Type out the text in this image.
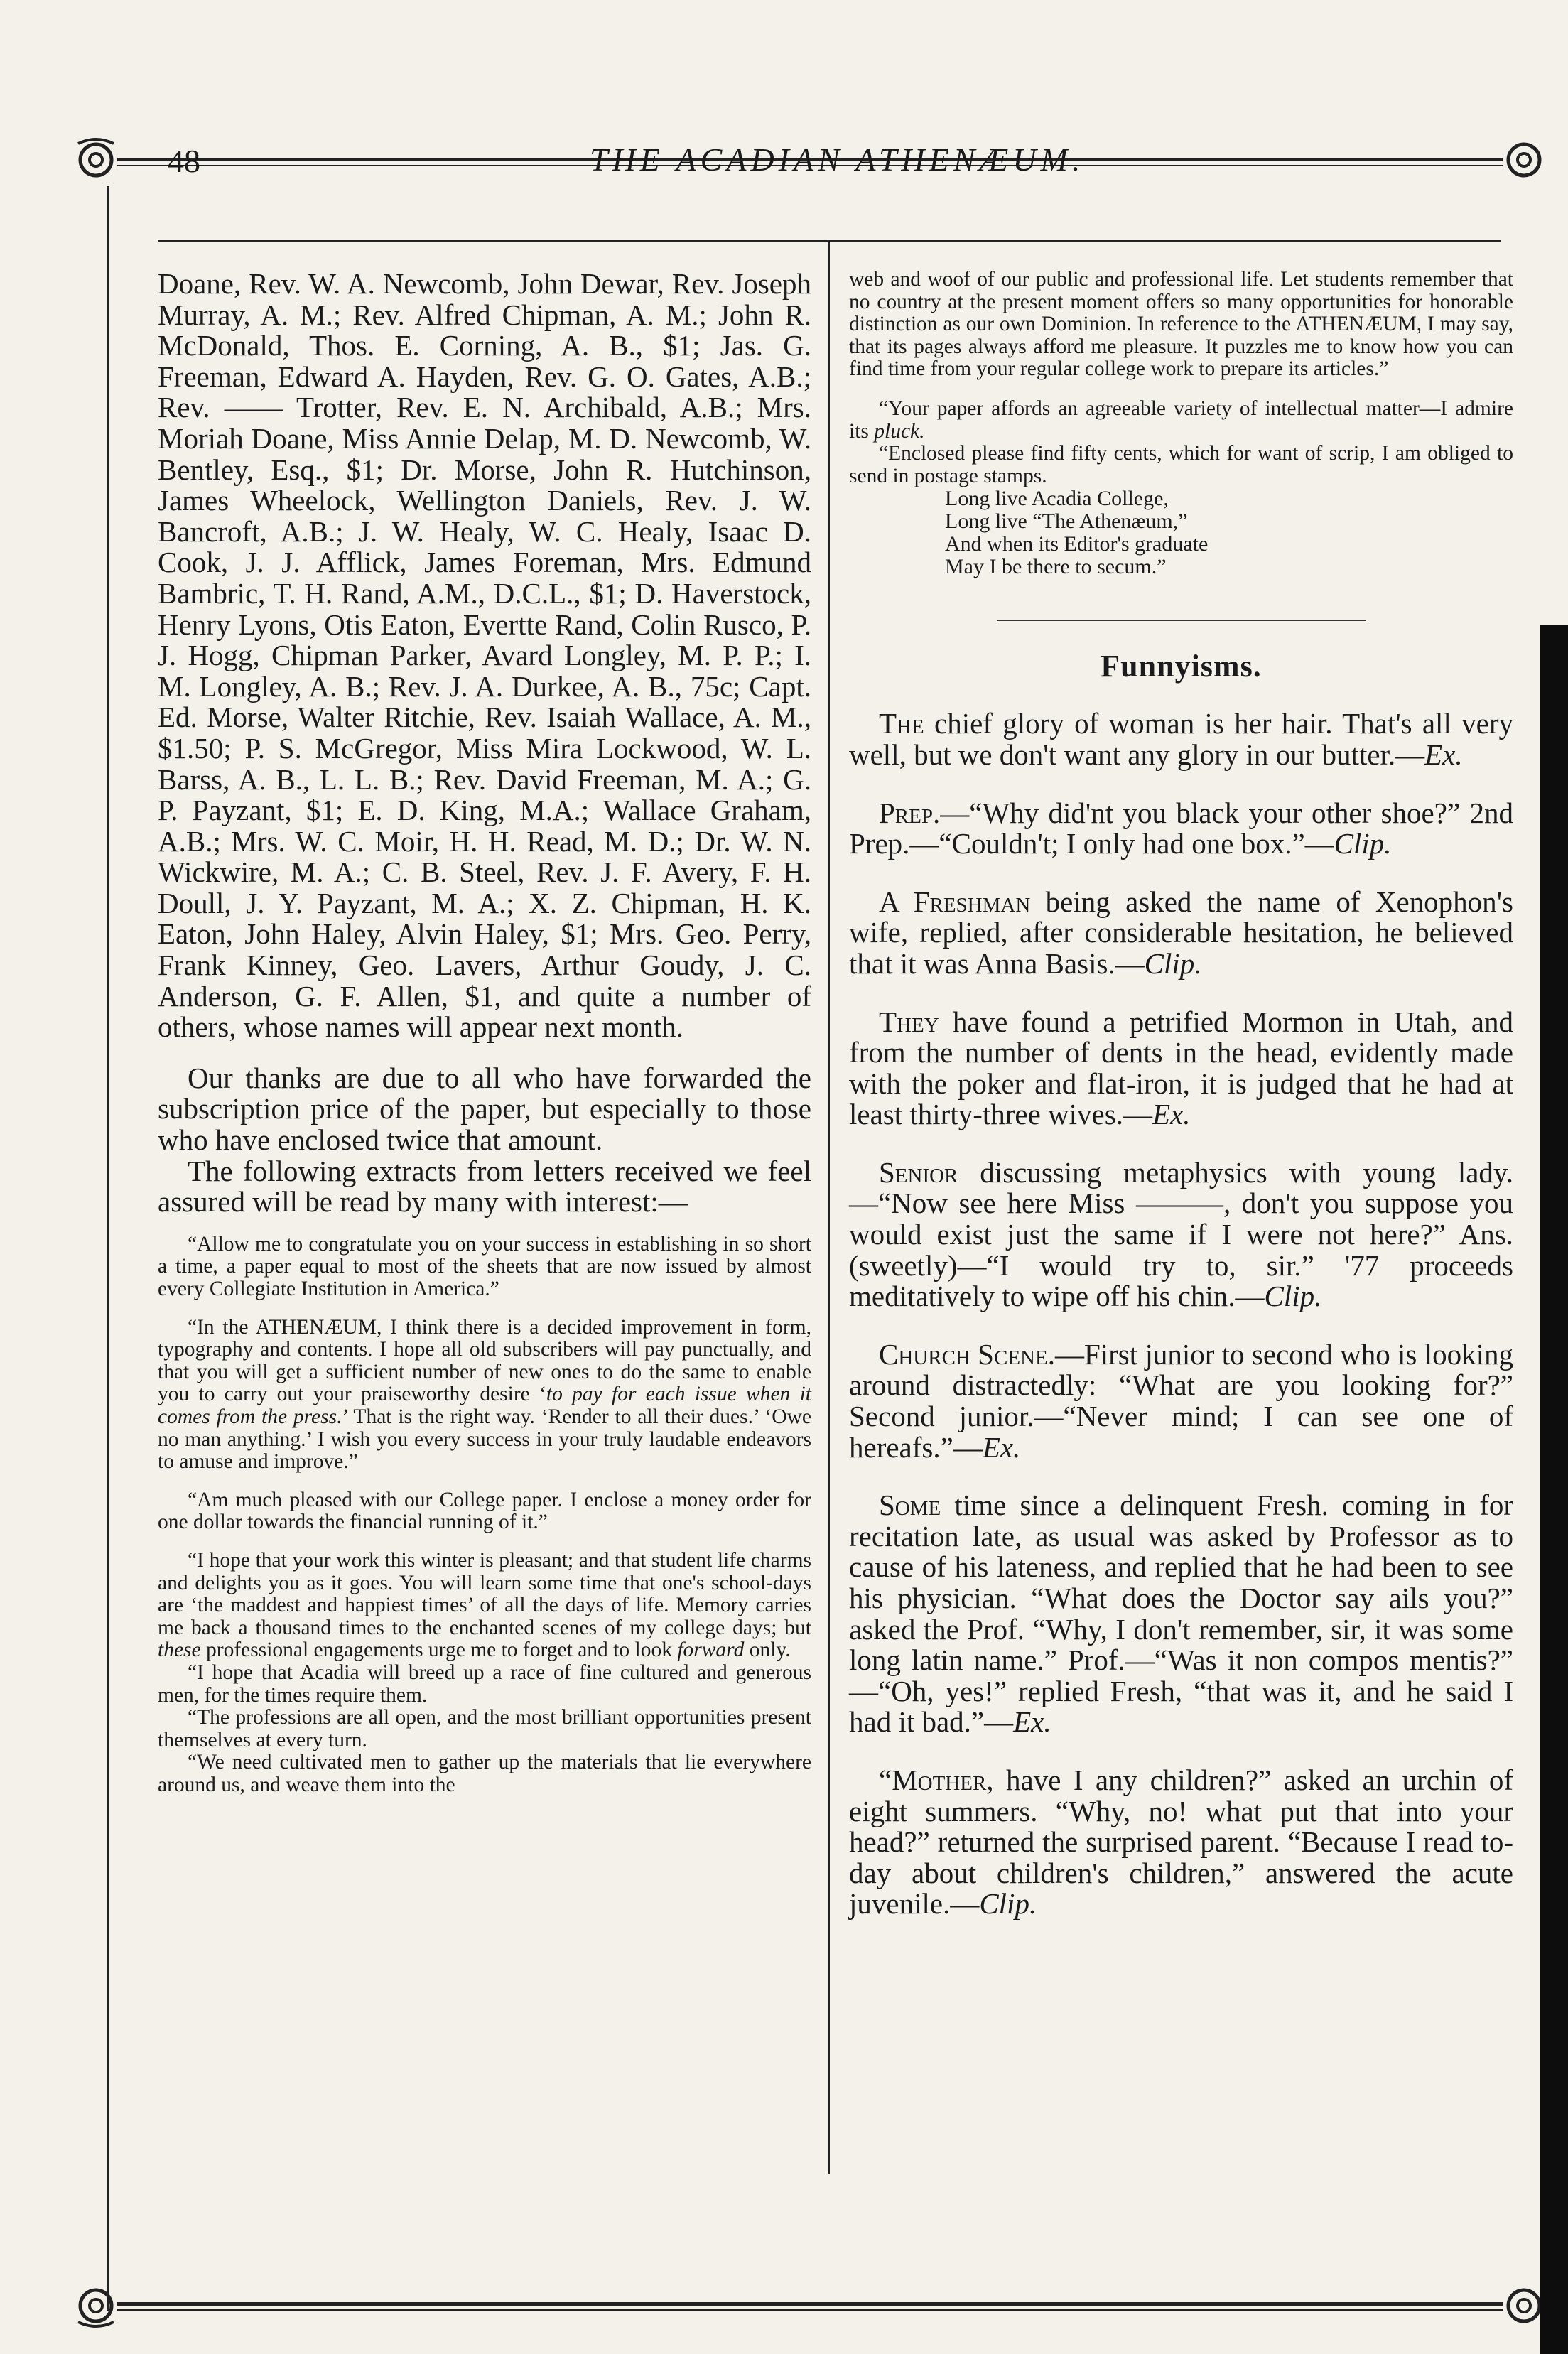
48	THE ACADIAN ATHENÆUM.

Doane, Rev. W. A. Newcomb, John Dewar, Rev. Joseph Murray, A. M.; Rev. Alfred Chipman, A. M.; John R. McDonald, Thos. E. Corning, A. B., $1; Jas. G. Freeman, Edward A. Hayden, Rev. G. O. Gates, A.B.; Rev. —— Trotter, Rev. E. N. Archibald, A.B.; Mrs. Moriah Doane, Miss Annie Delap, M. D. Newcomb, W. Bentley, Esq., $1; Dr. Morse, John R. Hutchinson, James Wheelock, Wellington Daniels, Rev. J. W. Bancroft, A.B.; J. W. Healy, W. C. Healy, Isaac D. Cook, J. J. Afflick, James Foreman, Mrs. Edmund Bambric, T. H. Rand, A.M., D.C.L., $1; D. Haverstock, Henry Lyons, Otis Eaton, Evertte Rand, Colin Rusco, P. J. Hogg, Chipman Parker, Avard Longley, M. P. P.; I. M. Longley, A. B.; Rev. J. A. Durkee, A. B., 75c; Capt. Ed. Morse, Walter Ritchie, Rev. Isaiah Wallace, A. M., $1.50; P. S. McGregor, Miss Mira Lockwood, W. L. Barss, A. B., L. L. B.; Rev. David Freeman, M. A.; G. P. Payzant, $1; E. D. King, M.A.; Wallace Graham, A.B.; Mrs. W. C. Moir, H. H. Read, M. D.; Dr. W. N. Wickwire, M. A.; C. B. Steel, Rev. J. F. Avery, F. H. Doull, J. Y. Payzant, M. A.; X. Z. Chipman, H. K. Eaton, John Haley, Alvin Haley, $1; Mrs. Geo. Perry, Frank Kinney, Geo. Lavers, Arthur Goudy, J. C. Anderson, G. F. Allen, $1, and quite a number of others, whose names will appear next month.

Our thanks are due to all who have forwarded the subscription price of the paper, but especially to those who have enclosed twice that amount.

The following extracts from letters received we feel assured will be read by many with interest:—

“Allow me to congratulate you on your success in establishing in so short a time, a paper equal to most of the sheets that are now issued by almost every Collegiate Institution in America.”

“In the ATHENÆUM, I think there is a decided improvement in form, typography and contents. I hope all old subscribers will pay punctually, and that you will get a sufficient number of new ones to do the same to enable you to carry out your praiseworthy desire ‘to pay for each issue when it comes from the press.’ That is the right way. ‘Render to all their dues.’ ‘Owe no man anything.’ I wish you every success in your truly laudable endeavors to amuse and improve.”

“Am much pleased with our College paper. I enclose a money order for one dollar towards the financial running of it.”

“I hope that your work this winter is pleasant; and that student life charms and delights you as it goes. You will learn some time that one's school-days are ‘the maddest and happiest times’ of all the days of life. Memory carries me back a thousand times to the enchanted scenes of my college days; but these professional engagements urge me to forget and to look forward only.

“I hope that Acadia will breed up a race of fine cultured and generous men, for the times require them.

“The professions are all open, and the most brilliant opportunities present themselves at every turn.

“We need cultivated men to gather up the materials that lie everywhere around us, and weave them into the

web and woof of our public and professional life. Let students remember that no country at the present moment offers so many opportunities for honorable distinction as our own Dominion. In reference to the ATHENÆUM, I may say, that its pages always afford me pleasure. It puzzles me to know how you can find time from your regular college work to prepare its articles.”

“Your paper affords an agreeable variety of intellectual matter—I admire its pluck.

“Enclosed please find fifty cents, which for want of scrip, I am obliged to send in postage stamps.

Long live Acadia College,
Long live “The Athenæum,”
And when its Editor's graduate
May I be there to secum.”
Funnyisms.

The chief glory of woman is her hair. That's all very well, but we don't want any glory in our butter.—Ex.

Prep.—“Why did'nt you black your other shoe?” 2nd Prep.—“Couldn't; I only had one box.”—Clip.

A Freshman being asked the name of Xenophon's wife, replied, after considerable hesitation, he believed that it was Anna Basis.—Clip.

They have found a petrified Mormon in Utah, and from the number of dents in the head, evidently made with the poker and flat-iron, it is judged that he had at least thirty-three wives.—Ex.

Senior discussing metaphysics with young lady. —“Now see here Miss ———, don't you suppose you would exist just the same if I were not here?” Ans. (sweetly)—“I would try to, sir.” '77 proceeds meditatively to wipe off his chin.—Clip.

Church Scene.—First junior to second who is looking around distractedly: “What are you looking for?” Second junior.—“Never mind; I can see one of hereafs.”—Ex.

Some time since a delinquent Fresh. coming in for recitation late, as usual was asked by Professor as to cause of his lateness, and replied that he had been to see his physician. “What does the Doctor say ails you?” asked the Prof. “Why, I don't remember, sir, it was some long latin name.” Prof.—“Was it non compos mentis?” —“Oh, yes!” replied Fresh, “that was it, and he said I had it bad.”—Ex.

“Mother, have I any children?” asked an urchin of eight summers. “Why, no! what put that into your head?” returned the surprised parent. “Because I read to-day about children's children,” answered the acute juvenile.—Clip.
